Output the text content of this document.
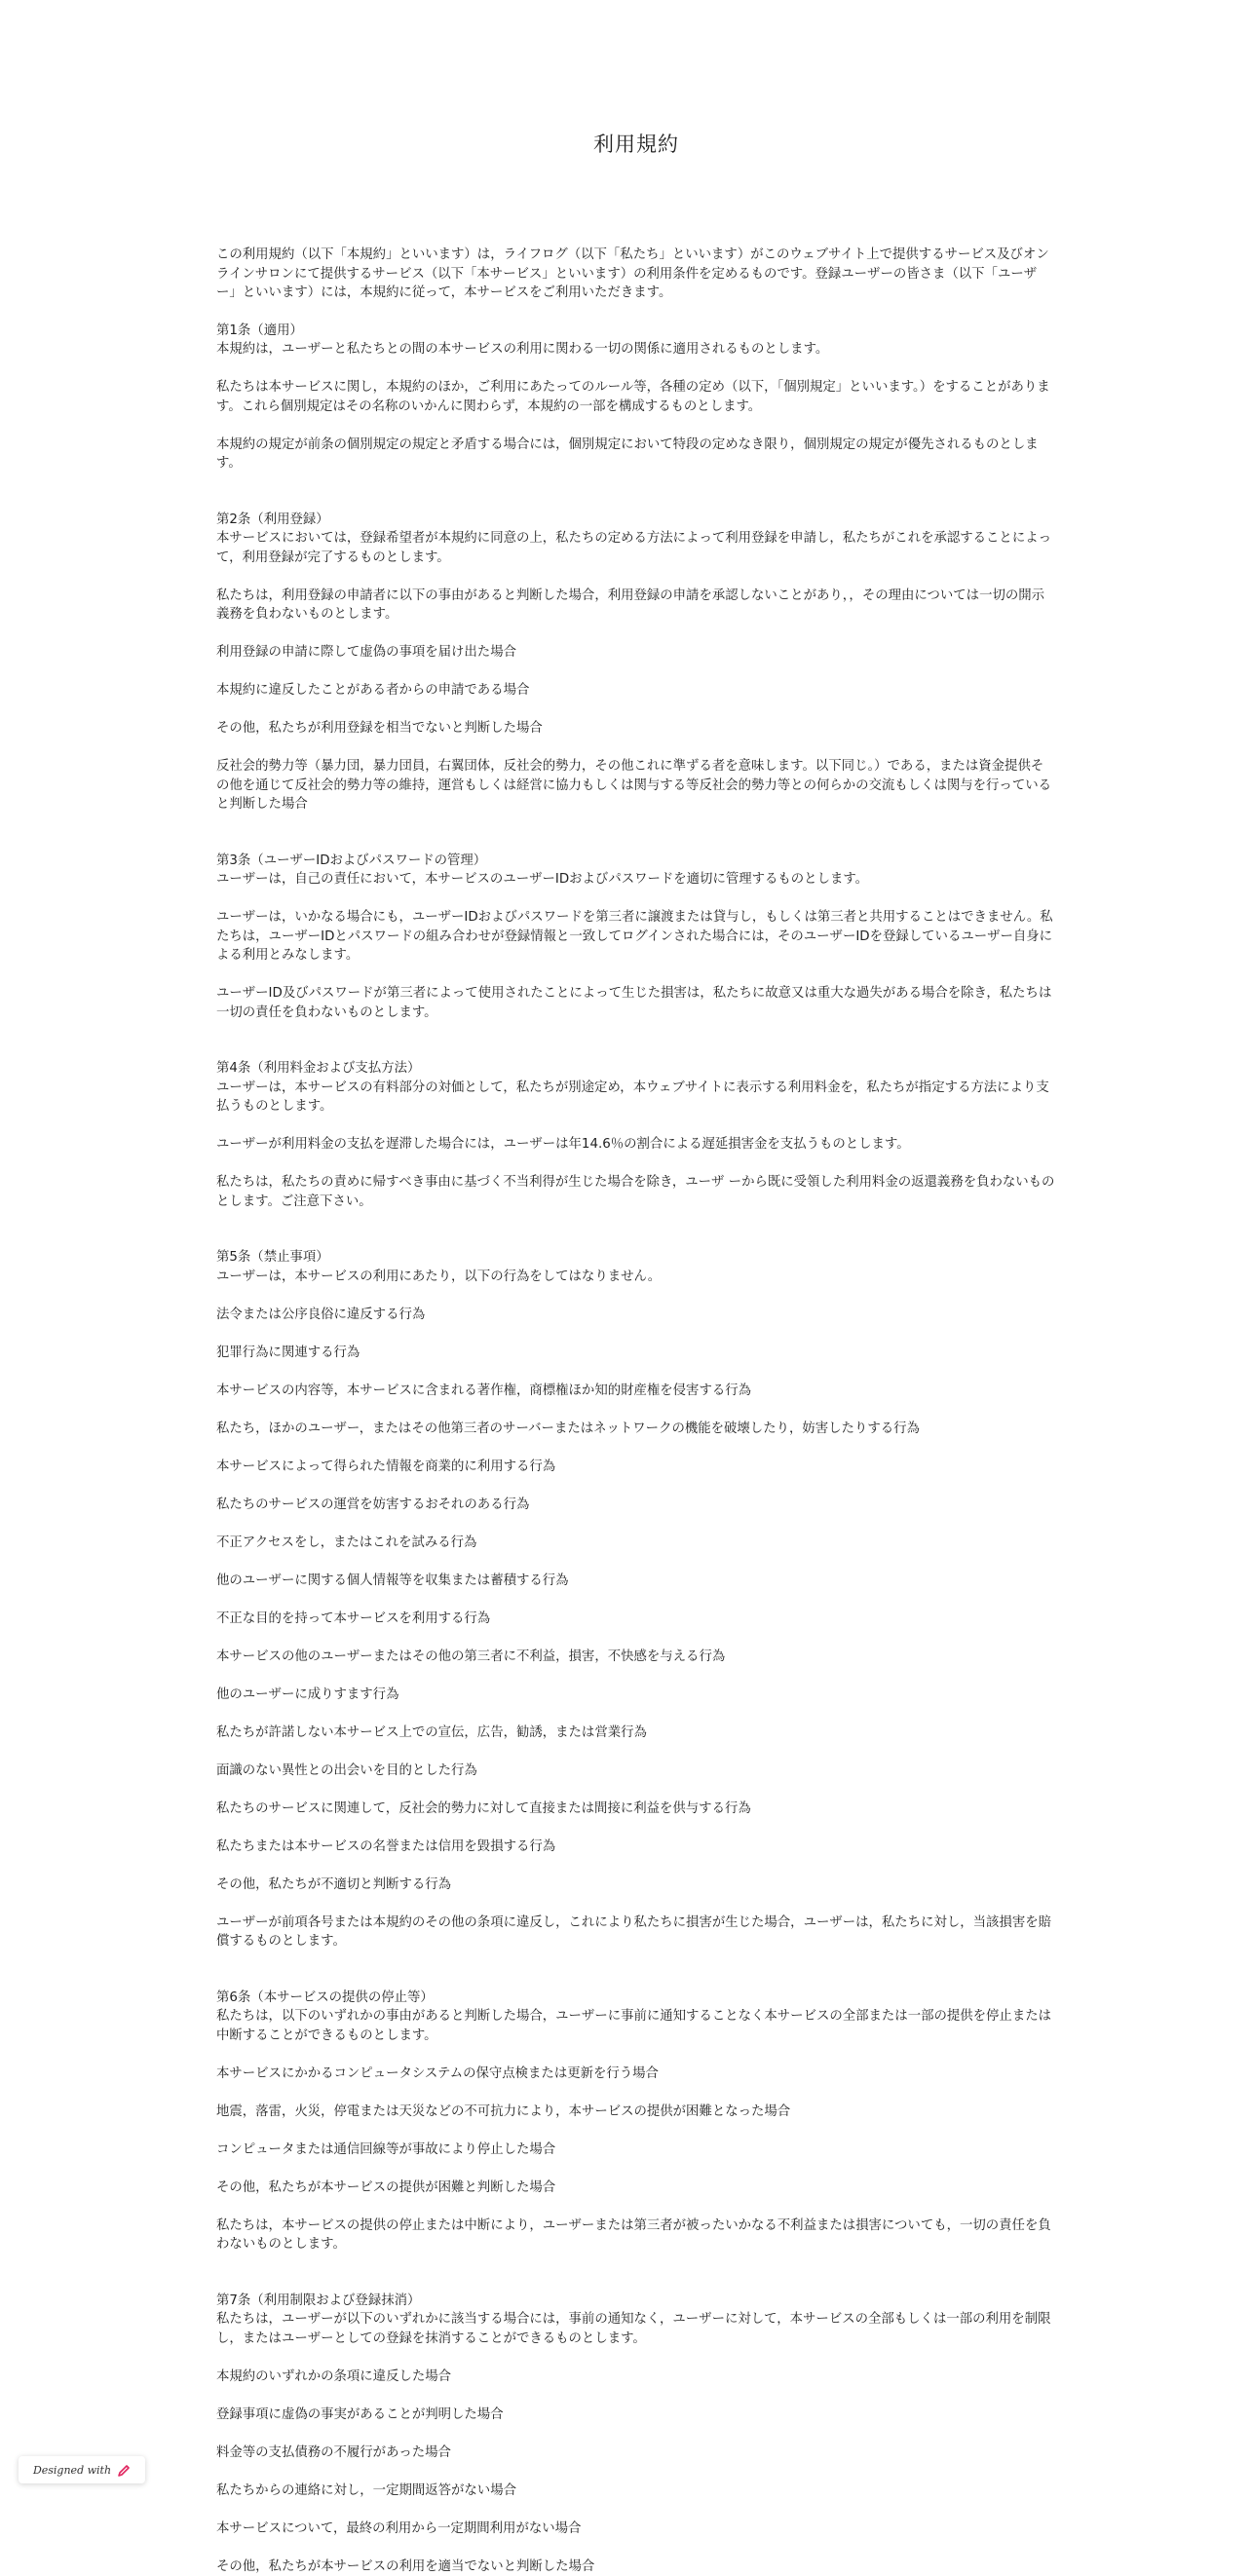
利用規約

この利用規約（以下「本規約」といいます）は，ライフログ（以下「私たち」といいます）がこのウェブサイト上で提供するサービス及びオンラインサロンにて提供するサービス（以下「本サービス」といいます）の利用条件を定めるものです。登録ユーザーの皆さま（以下「ユーザー」といいます）には，本規約に従って，本サービスをご利用いただきます。

第1条（適用）

本規約は，ユーザーと私たちとの間の本サービスの利用に関わる一切の関係に適用されるものとします。

私たちは本サービスに関し，本規約のほか，ご利用にあたってのルール等，各種の定め（以下，「個別規定」といいます。）をすることがあります。これら個別規定はその名称のいかんに関わらず，本規約の一部を構成するものとします。

本規約の規定が前条の個別規定の規定と矛盾する場合には，個別規定において特段の定めなき限り，個別規定の規定が優先されるものとします。

第2条（利用登録）

本サービスにおいては，登録希望者が本規約に同意の上，私たちの定める方法によって利用登録を申請し，私たちがこれを承認することによって，利用登録が完了するものとします。

私たちは，利用登録の申請者に以下の事由があると判断した場合，利用登録の申請を承認しないことがあり，，その理由については一切の開示義務を負わないものとします。

利用登録の申請に際して虚偽の事項を届け出た場合

本規約に違反したことがある者からの申請である場合

その他，私たちが利用登録を相当でないと判断した場合

反社会的勢力等（暴力団，暴力団員，右翼団体，反社会的勢力，その他これに準ずる者を意味します。以下同じ。）である，または資金提供その他を通じて反社会的勢力等の維持，運営もしくは経営に協力もしくは関与する等反社会的勢力等との何らかの交流もしくは関与を行っていると判断した場合

第3条（ユーザーIDおよびパスワードの管理）

ユーザーは，自己の責任において，本サービスのユーザーIDおよびパスワードを適切に管理するものとします。

ユーザーは，いかなる場合にも，ユーザーIDおよびパスワードを第三者に譲渡または貸与し，もしくは第三者と共用することはできません。私たちは，ユーザーIDとパスワードの組み合わせが登録情報と一致してログインされた場合には，そのユーザーIDを登録しているユーザー自身による利用とみなします。

ユーザーID及びパスワードが第三者によって使用されたことによって生じた損害は，私たちに故意又は重大な過失がある場合を除き，私たちは一切の責任を負わないものとします。

第4条（利用料金および支払方法）

ユーザーは，本サービスの有料部分の対価として，私たちが別途定め，本ウェブサイトに表示する利用料金を，私たちが指定する方法により支払うものとします。

ユーザーが利用料金の支払を遅滞した場合には，ユーザーは年14.6％の割合による遅延損害金を支払うものとします。

私たちは，私たちの責めに帰すべき事由に基づく不当利得が生じた場合を除き，ユーザ ーから既に受領した利用料金の返還義務を負わないものとします。ご注意下さい。

第5条（禁止事項）

ユーザーは，本サービスの利用にあたり，以下の行為をしてはなりません。

法令または公序良俗に違反する行為

犯罪行為に関連する行為

本サービスの内容等，本サービスに含まれる著作権，商標権ほか知的財産権を侵害する行為

私たち，ほかのユーザー，またはその他第三者のサーバーまたはネットワークの機能を破壊したり，妨害したりする行為

本サービスによって得られた情報を商業的に利用する行為

私たちのサービスの運営を妨害するおそれのある行為

不正アクセスをし，またはこれを試みる行為

他のユーザーに関する個人情報等を収集または蓄積する行為

不正な目的を持って本サービスを利用する行為

本サービスの他のユーザーまたはその他の第三者に不利益，損害，不快感を与える行為

他のユーザーに成りすます行為

私たちが許諾しない本サービス上での宣伝，広告，勧誘，または営業行為

面識のない異性との出会いを目的とした行為

私たちのサービスに関連して，反社会的勢力に対して直接または間接に利益を供与する行為

私たちまたは本サービスの名誉または信用を毀損する行為

その他，私たちが不適切と判断する行為

ユーザーが前項各号または本規約のその他の条項に違反し，これにより私たちに損害が生じた場合，ユーザーは，私たちに対し，当該損害を賠償するものとします。

第6条（本サービスの提供の停止等）

私たちは，以下のいずれかの事由があると判断した場合，ユーザーに事前に通知することなく本サービスの全部または一部の提供を停止または中断することができるものとします。

本サービスにかかるコンピュータシステムの保守点検または更新を行う場合

地震，落雷，火災，停電または天災などの不可抗力により，本サービスの提供が困難となった場合

コンピュータまたは通信回線等が事故により停止した場合

その他，私たちが本サービスの提供が困難と判断した場合

私たちは，本サービスの提供の停止または中断により，ユーザーまたは第三者が被ったいかなる不利益または損害についても，一切の責任を負わないものとします。

第7条（利用制限および登録抹消）

私たちは，ユーザーが以下のいずれかに該当する場合には，事前の通知なく，ユーザーに対して，本サービスの全部もしくは一部の利用を制限し，またはユーザーとしての登録を抹消することができるものとします。

本規約のいずれかの条項に違反した場合

登録事項に虚偽の事実があることが判明した場合

料金等の支払債務の不履行があった場合

私たちからの連絡に対し，一定期間返答がない場合

本サービスについて，最終の利用から一定期間利用がない場合

その他，私たちが本サービスの利用を適当でないと判断した場合

Designed with
